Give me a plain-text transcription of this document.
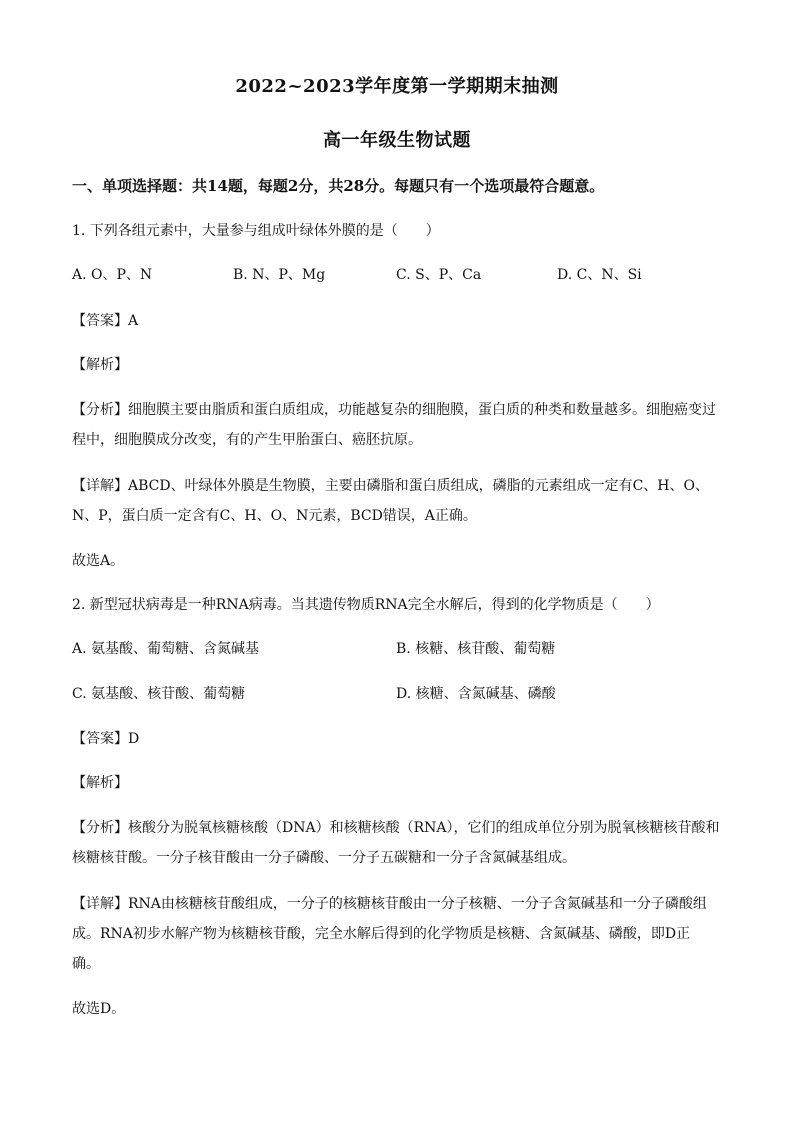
2022~2023学年度第一学期期末抽测
高一年级生物试题
一、单项选择题：共14题，每题2分，共28分。每题只有一个选项最符合题意。
1. 下列各组元素中，大量参与组成叶绿体外膜的是（　　）
A. O、P、N	B. N、P、Mg	C. S、P、Ca	D. C、N、Si
【答案】A
【解析】
【分析】细胞膜主要由脂质和蛋白质组成，功能越复杂的细胞膜，蛋白质的种类和数量越多。细胞癌变过
程中，细胞膜成分改变，有的产生甲胎蛋白、癌胚抗原。
【详解】ABCD、叶绿体外膜是生物膜，主要由磷脂和蛋白质组成，磷脂的元素组成一定有C、H、O、
N、P，蛋白质一定含有C、H、O、N元素，BCD错误，A正确。
故选A。
2. 新型冠状病毒是一种RNA病毒。当其遗传物质RNA完全水解后，得到的化学物质是（　　）
A. 氨基酸、葡萄糖、含氮碱基	B. 核糖、核苷酸、葡萄糖
C. 氨基酸、核苷酸、葡萄糖	D. 核糖、含氮碱基、磷酸
【答案】D
【解析】
【分析】核酸分为脱氧核糖核酸（DNA）和核糖核酸（RNA），它们的组成单位分别为脱氧核糖核苷酸和
核糖核苷酸。一分子核苷酸由一分子磷酸、一分子五碳糖和一分子含氮碱基组成。
【详解】RNA由核糖核苷酸组成，一分子的核糖核苷酸由一分子核糖、一分子含氮碱基和一分子磷酸组
成。RNA初步水解产物为核糖核苷酸，完全水解后得到的化学物质是核糖、含氮碱基、磷酸，即D正
确。
故选D。
